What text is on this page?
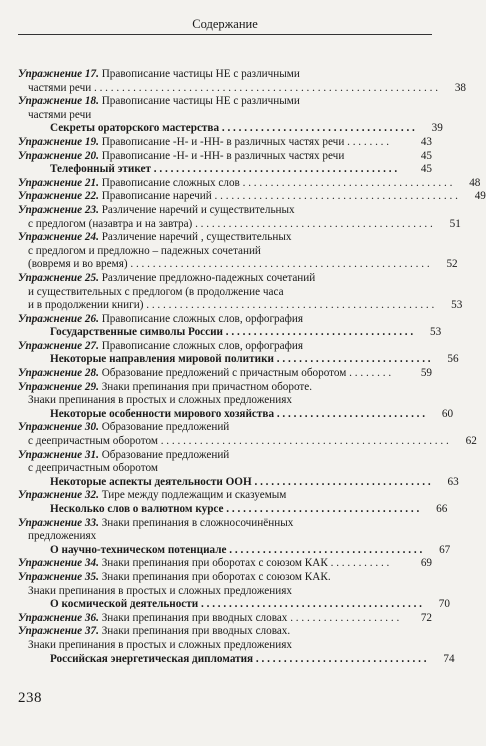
Содержание
Упражнение 17. Правописание частицы НЕ с различными
частями речи . . . . . . . . . . . . . . . . . . . . . . . . . . . . . . . . . . . . . . . . . . . . . . . . . . . . . . . . . . . . . .	38
Упражнение 18. Правописание частицы НЕ с различными
частями речи
Секреты ораторского мастерства . . . . . . . . . . . . . . . . . . . . . . . . . . . . . . . . . . .	39
Упражнение 19. Правописание -Н- и -НН- в различных частях речи . . . . . . . .	43
Упражнение 20. Правописание -Н- и -НН- в различных частях речи	45
Телефонный этикет . . . . . . . . . . . . . . . . . . . . . . . . . . . . . . . . . . . . . . . . . . . .	45
Упражнение 21. Правописание сложных слов . . . . . . . . . . . . . . . . . . . . . . . . . . . . . . . . . . . . . .	48
Упражнение 22. Правописание наречий . . . . . . . . . . . . . . . . . . . . . . . . . . . . . . . . . . . . . . . . . . . .	49
Упражнение 23. Различение наречий и существительных
с предлогом (назавтра и на завтра) . . . . . . . . . . . . . . . . . . . . . . . . . . . . . . . . . . . . . . . . . . .	51
Упражнение 24. Различение наречий , существительных
с предлогом и предложно – падежных сочетаний
(вовремя и во время) . . . . . . . . . . . . . . . . . . . . . . . . . . . . . . . . . . . . . . . . . . . . . . . . . . . . . .	52
Упражнение 25. Различение предложно-падежных сочетаний
и существительных с предлогом (в продолжение часа
и в продолжении книги) . . . . . . . . . . . . . . . . . . . . . . . . . . . . . . . . . . . . . . . . . . . . . . . . . . . .	53
Упражнение 26. Правописание сложных слов, орфография
Государственные символы России . . . . . . . . . . . . . . . . . . . . . . . . . . . . . . . . . .	53
Упражнение 27. Правописание сложных слов, орфография
Некоторые направления мировой политики . . . . . . . . . . . . . . . . . . . . . . . . . . . .	56
Упражнение 28. Образование предложений с причастным оборотом . . . . . . . .	59
Упражнение 29. Знаки препинания при причастном обороте.
Знаки препинания в простых и сложных предложениях
Некоторые особенности мирового хозяйства . . . . . . . . . . . . . . . . . . . . . . . . . . .	60
Упражнение 30. Образование предложений
с деепричастным оборотом . . . . . . . . . . . . . . . . . . . . . . . . . . . . . . . . . . . . . . . . . . . . . . . . . . . .	62
Упражнение 31. Образование предложений
с деепричастным оборотом
Некоторые аспекты деятельности ООН . . . . . . . . . . . . . . . . . . . . . . . . . . . . . . . .	63
Упражнение 32. Тире между подлежащим и сказуемым
Несколько слов о валютном курсе . . . . . . . . . . . . . . . . . . . . . . . . . . . . . . . . . . .	66
Упражнение 33. Знаки препинания в сложносочинённых
предложениях
О научно-техническом потенциале . . . . . . . . . . . . . . . . . . . . . . . . . . . . . . . . . . .	67
Упражнение 34. Знаки препинания при оборотах с союзом КАК . . . . . . . . . . .	69
Упражнение 35. Знаки препинания при оборотах с союзом КАК.
Знаки препинания в простых и сложных предложениях
О космической деятельности . . . . . . . . . . . . . . . . . . . . . . . . . . . . . . . . . . . . . . . .	70
Упражнение 36. Знаки препинания при вводных словах . . . . . . . . . . . . . . . . . . . .	72
Упражнение 37. Знаки препинания при вводных словах.
Знаки препинания в простых и сложных предложениях
Российская энергетическая дипломатия . . . . . . . . . . . . . . . . . . . . . . . . . . . . . . .	74
238
